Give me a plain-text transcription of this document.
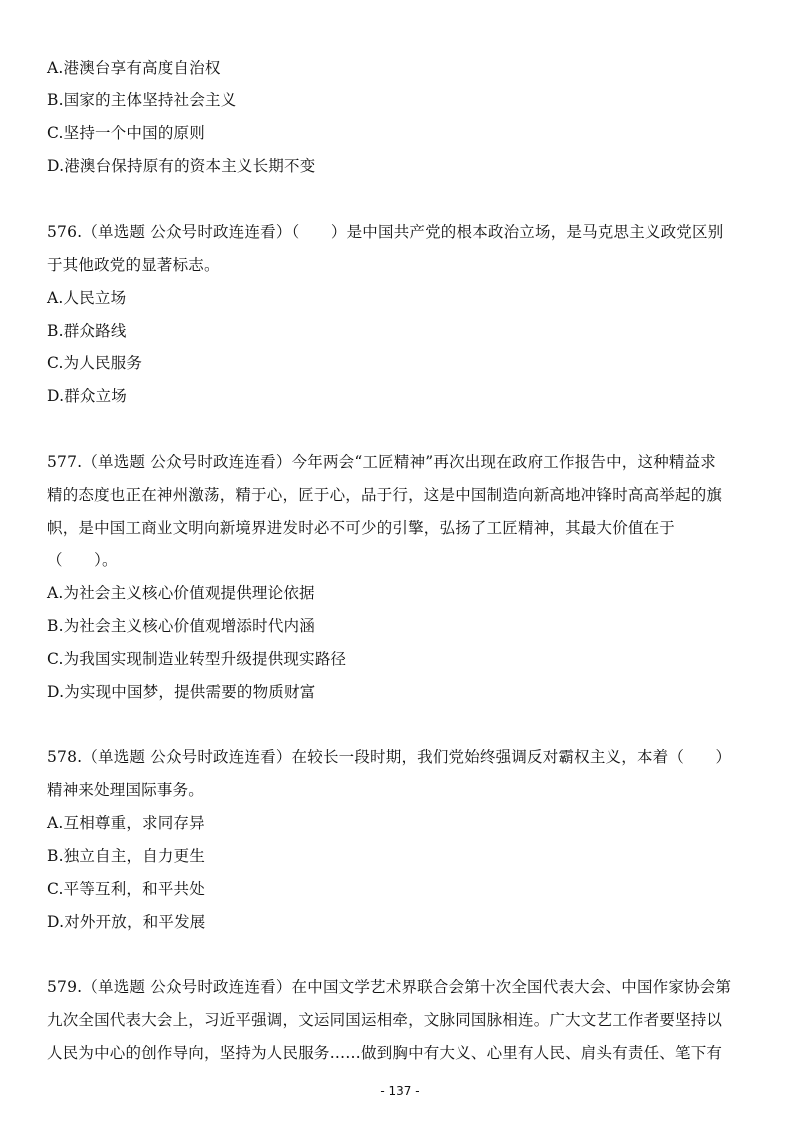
A.港澳台享有高度自治权
B.国家的主体坚持社会主义
C.坚持一个中国的原则
D.港澳台保持原有的资本主义长期不变
576.（单选题 公众号时政连连看）（　　）是中国共产党的根本政治立场，是马克思主义政党区别
于其他政党的显著标志。
A.人民立场
B.群众路线
C.为人民服务
D.群众立场
577.（单选题 公众号时政连连看）今年两会“工匠精神”再次出现在政府工作报告中，这种精益求
精的态度也正在神州激荡，精于心，匠于心，品于行，这是中国制造向新高地冲锋时高高举起的旗
帜，是中国工商业文明向新境界进发时必不可少的引擎，弘扬了工匠精神，其最大价值在于
（　　）。
A.为社会主义核心价值观提供理论依据
B.为社会主义核心价值观增添时代内涵
C.为我国实现制造业转型升级提供现实路径
D.为实现中国梦，提供需要的物质财富
578.（单选题 公众号时政连连看）在较长一段时期，我们党始终强调反对霸权主义，本着（　　）
精神来处理国际事务。
A.互相尊重，求同存异
B.独立自主，自力更生
C.平等互利，和平共处
D.对外开放，和平发展
579.（单选题 公众号时政连连看）在中国文学艺术界联合会第十次全国代表大会、中国作家协会第
九次全国代表大会上，习近平强调，文运同国运相牵，文脉同国脉相连。广大文艺工作者要坚持以
人民为中心的创作导向，坚持为人民服务……做到胸中有大义、心里有人民、肩头有责任、笔下有
- 137 -
